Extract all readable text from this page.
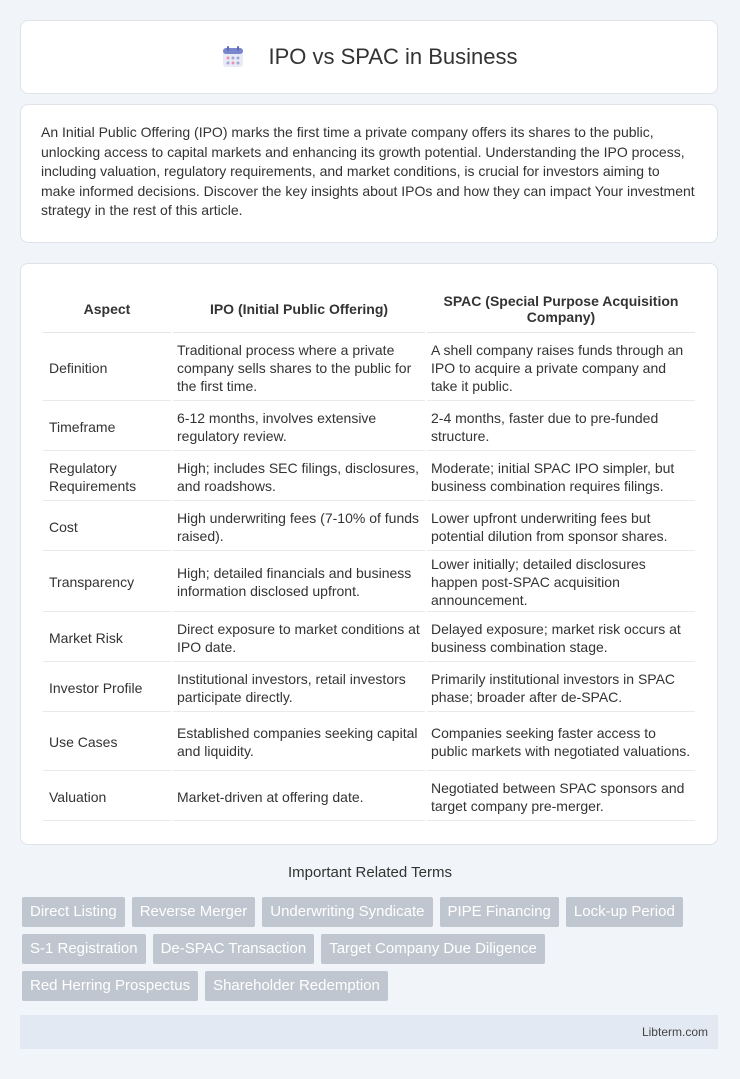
IPO vs SPAC in Business

An Initial Public Offering (IPO) marks the first time a private company offers its shares to the public, unlocking access to capital markets and enhancing its growth potential. Understanding the IPO process, including valuation, regulatory requirements, and market conditions, is crucial for investors aiming to make informed decisions. Discover the key insights about IPOs and how they can impact Your investment strategy in the rest of this article.

Aspect	IPO (Initial Public Offering)	SPAC (Special Purpose Acquisition Company)
Definition	Traditional process where a private company sells shares to the public for the first time.	A shell company raises funds through an IPO to acquire a private company and take it public.
Timeframe	6-12 months, involves extensive regulatory review.	2-4 months, faster due to pre-funded structure.
Regulatory Requirements	High; includes SEC filings, disclosures, and roadshows.	Moderate; initial SPAC IPO simpler, but business combination requires filings.
Cost	High underwriting fees (7-10% of funds raised).	Lower upfront underwriting fees but potential dilution from sponsor shares.
Transparency	High; detailed financials and business information disclosed upfront.	Lower initially; detailed disclosures happen post-SPAC acquisition announcement.
Market Risk	Direct exposure to market conditions at IPO date.	Delayed exposure; market risk occurs at business combination stage.
Investor Profile	Institutional investors, retail investors participate directly.	Primarily institutional investors in SPAC phase; broader after de-SPAC.
Use Cases	Established companies seeking capital and liquidity.	Companies seeking faster access to public markets with negotiated valuations.
Valuation	Market-driven at offering date.	Negotiated between SPAC sponsors and target company pre-merger.
Important Related Terms
Direct Listing	Reverse Merger	Underwriting Syndicate	PIPE Financing	Lock-up Period
S-1 Registration	De-SPAC Transaction	Target Company Due Diligence
Red Herring Prospectus	Shareholder Redemption
Libterm.com
